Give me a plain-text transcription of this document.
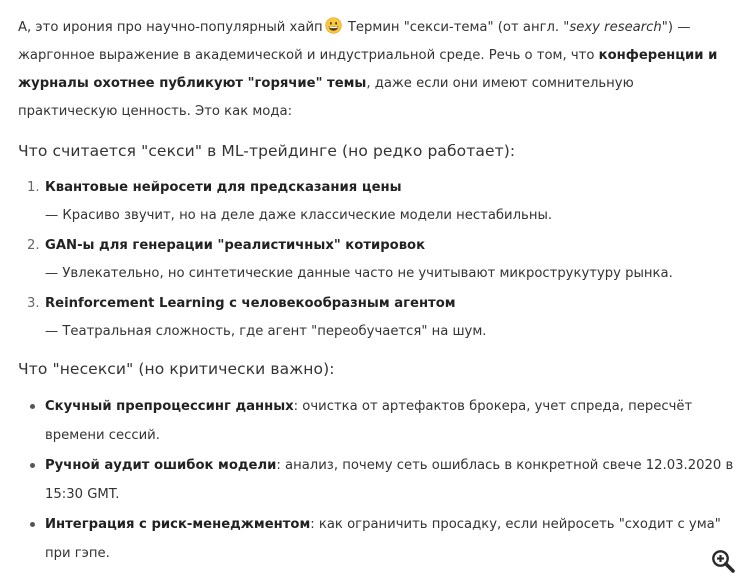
А, это ирония про научно-популярный хайп Термин "секси-тема" (от англ. "sexy research") — жаргонное выражение в академической и индустриальной среде. Речь о том, что конференции и журналы охотнее публикуют "горячие" темы, даже если они имеют сомнительную практическую ценность. Это как мода:

Что считается "секси" в ML-трейдинге (но редко работает):
1. Квантовые нейросети для предсказания цены
— Красиво звучит, но на деле даже классические модели нестабильны.
2. GAN-ы для генерации "реалистичных" котировок
— Увлекательно, но синтетические данные часто не учитывают микрострукутуру рынка.
3. Reinforcement Learning с человекообразным агентом
— Театральная сложность, где агент "переобучается" на шум.
Что "несекси" (но критически важно):
Скучный препроцессинг данных: очистка от артефактов брокера, учет спреда, пересчёт времени сессий.
Ручной аудит ошибок модели: анализ, почему сеть ошиблась в конкретной свече 12.03.2020 в 15:30 GMT.
Интеграция с риск-менеджментом: как ограничить просадку, если нейросеть "сходит с ума" при гэпе.
